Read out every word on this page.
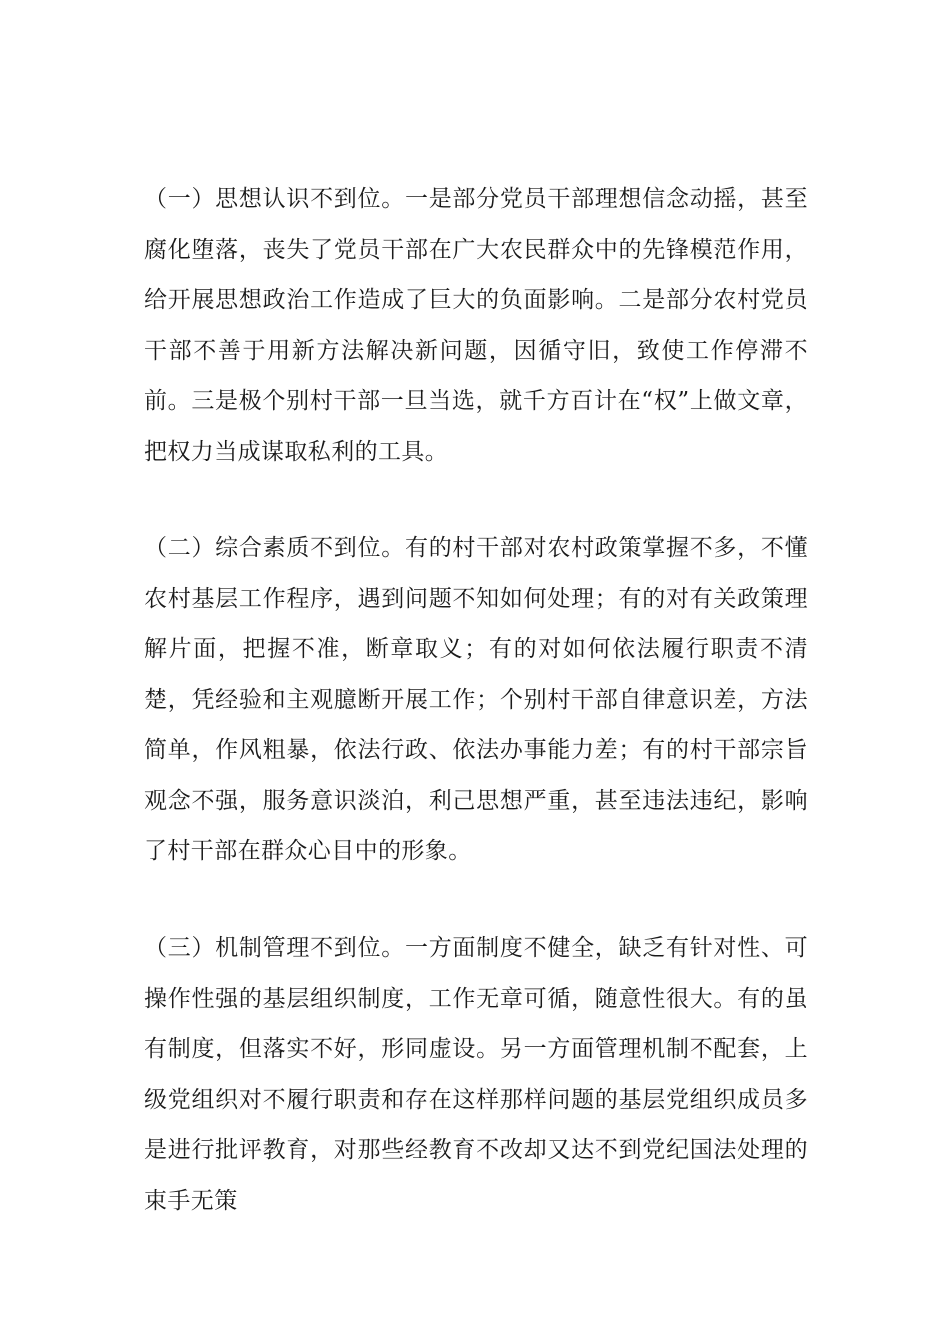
（一）思想认识不到位。一是部分党员干部理想信念动摇，甚至腐化堕落，丧失了党员干部在广大农民群众中的先锋模范作用，给开展思想政治工作造成了巨大的负面影响。二是部分农村党员干部不善于用新方法解决新问题，因循守旧，致使工作停滞不前。三是极个别村干部一旦当选，就千方百计在“权”上做文章，把权力当成谋取私利的工具。

（二）综合素质不到位。有的村干部对农村政策掌握不多，不懂农村基层工作程序，遇到问题不知如何处理；有的对有关政策理解片面，把握不准，断章取义；有的对如何依法履行职责不清楚，凭经验和主观臆断开展工作；个别村干部自律意识差，方法简单，作风粗暴，依法行政、依法办事能力差；有的村干部宗旨观念不强，服务意识淡泊，利己思想严重，甚至违法违纪，影响了村干部在群众心目中的形象。

（三）机制管理不到位。一方面制度不健全，缺乏有针对性、可操作性强的基层组织制度，工作无章可循，随意性很大。有的虽有制度，但落实不好，形同虚设。另一方面管理机制不配套，上级党组织对不履行职责和存在这样那样问题的基层党组织成员多是进行批评教育，对那些经教育不改却又达不到党纪国法处理的束手无策
